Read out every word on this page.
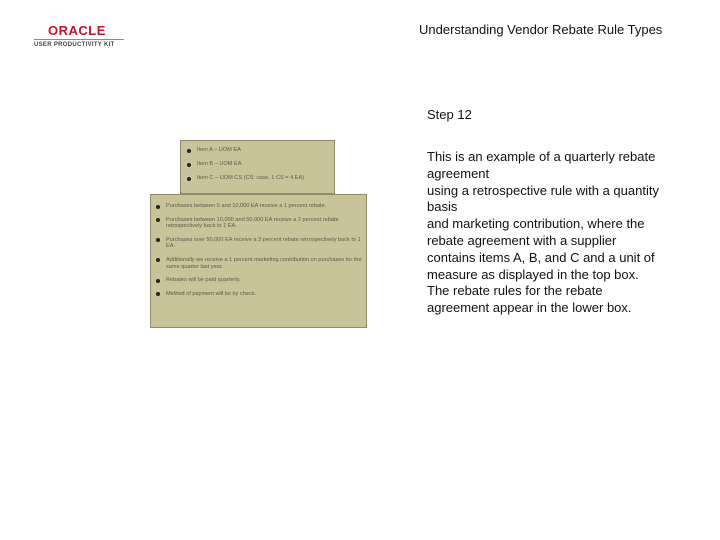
ORACLE
USER PRODUCTIVITY KIT
Understanding Vendor Rebate Rule Types
Item A – UOM EA
Item B – UOM EA
Item C – UOM CS (CS: case, 1 CS = 4 EA)
Purchases between 0 and 10,000 EA receive a 1 percent rebate.
Purchases between 10,000 and 50,000 EA receive a 2 percent rebate retrospectively back to 1 EA.
Purchases over 50,000 EA receive a 3 percent rebate retrospectively back to 1 EA.
Additionally we receive a 1 percent marketing contribution on purchases for the same quarter last year.
Rebates will be paid quarterly.
Method of payment will be by check.
Step 12
This is an example of a quarterly rebate
agreement
using a retrospective rule with a quantity
basis
and marketing contribution, where the
rebate agreement with a supplier
contains items A, B, and C and a unit of
measure as displayed in the top box.
The rebate rules for the rebate
agreement appear in the lower box.
